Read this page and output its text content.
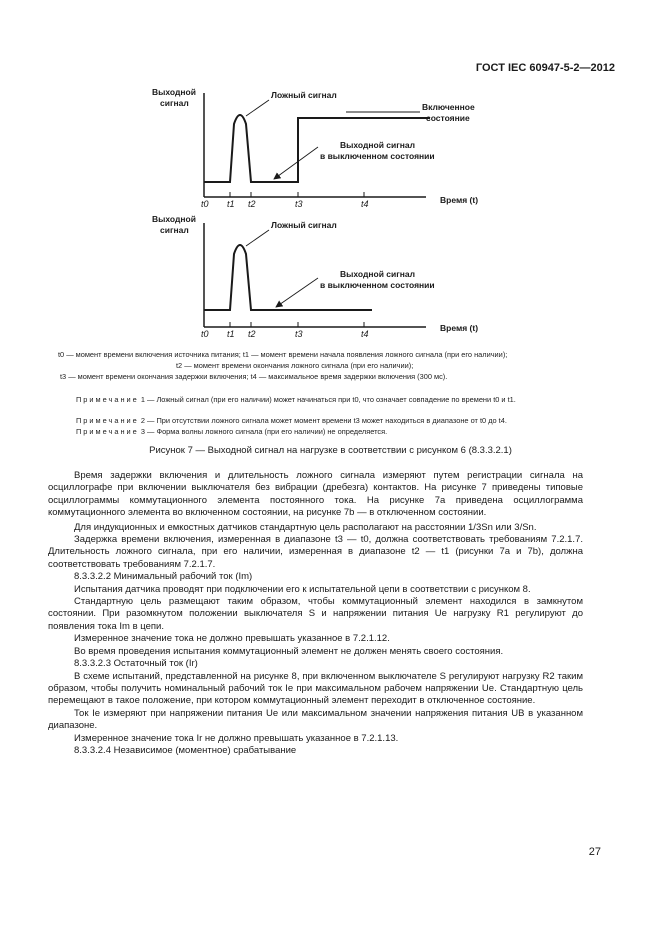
ГОСТ IEC 60947-5-2—2012
Выходной
сигнал
Ложный сигнал
Включенное
состояние
Выходной сигнал
в выключенном состоянии
t0 t1 t2	t3	t4	Время (t)
Выходной
сигнал	Ложный сигнал
Выходной сигнал
в выключенном состоянии
t0 t1 t2	t3	t4
Время (t)
t0 — момент времени включения источника питания; t1 — момент времени начала появления ложного сигнала (при его наличии);
t2 — момент времени окончания ложного сигнала (при его наличии);
t3 — момент времени окончания задержки включения; t4 — максимальное время задержки включения (300 мс).
Примечание 1 — Ложный сигнал (при его наличии) может начинаться при t0, что означает совпадение по времени t0 и t1.
Примечание 2 — При отсутствии ложного сигнала может момент времени t3 может находиться в диапазоне от t0 до t4.
Примечание 3 — Форма волны ложного сигнала (при его наличии) не определяется.
Рисунок 7 — Выходной сигнал на нагрузке в соответствии с рисунком 6 (8.3.3.2.1)

Время задержки включения и длительность ложного сигнала измеряют путем регистрации сигнала на осциллографе при включении выключателя без вибрации (дребезга) контактов. На рисунке 7 приведены типовые осциллограммы коммутационного элемента постоянного тока. На рисунке 7а приведена осциллограмма коммутационного элемента во включенном состоянии, на рисунке 7b — в отключенном состоянии.

Для индукционных и емкостных датчиков стандартную цель располагают на расстоянии 1/3Sn или 3/Sn.

Задержка времени включения, измеренная в диапазоне t3 — t0, должна соответствовать требованиям 7.2.1.7. Длительность ложного сигнала, при его наличии, измеренная в диапазоне t2 — t1 (рисунки 7а и 7b), должна соответствовать требованиям 7.2.1.7.

8.3.3.2.2 Минимальный рабочий ток (Im)

Испытания датчика проводят при подключении его к испытательной цепи в соответствии с рисунком 8.

Стандартную цель размещают таким образом, чтобы коммутационный элемент находился в замкнутом состоянии. При разомкнутом положении выключателя S и напряжении питания Ue нагрузку R1 регулируют до появления тока Im в цепи.

Измеренное значение тока не должно превышать указанное в 7.2.1.12.

Во время проведения испытания коммутационный элемент не должен менять своего состояния.

8.3.3.2.3 Остаточный ток (Ir)

В схеме испытаний, представленной на рисунке 8, при включенном выключателе S регулируют нагрузку R2 таким образом, чтобы получить номинальный рабочий ток Ie при максимальном рабочем напряжении Ue. Стандартную цель перемещают в такое положение, при котором коммутационный элемент переходит в отключенное состояние.

Ток Ie измеряют при напряжении питания Ue или максимальном значении напряжения питания UB в указанном диапазоне.

Измеренное значение тока Ir не должно превышать указанное в 7.2.1.13.

8.3.3.2.4 Независимое (моментное) срабатывание

27
